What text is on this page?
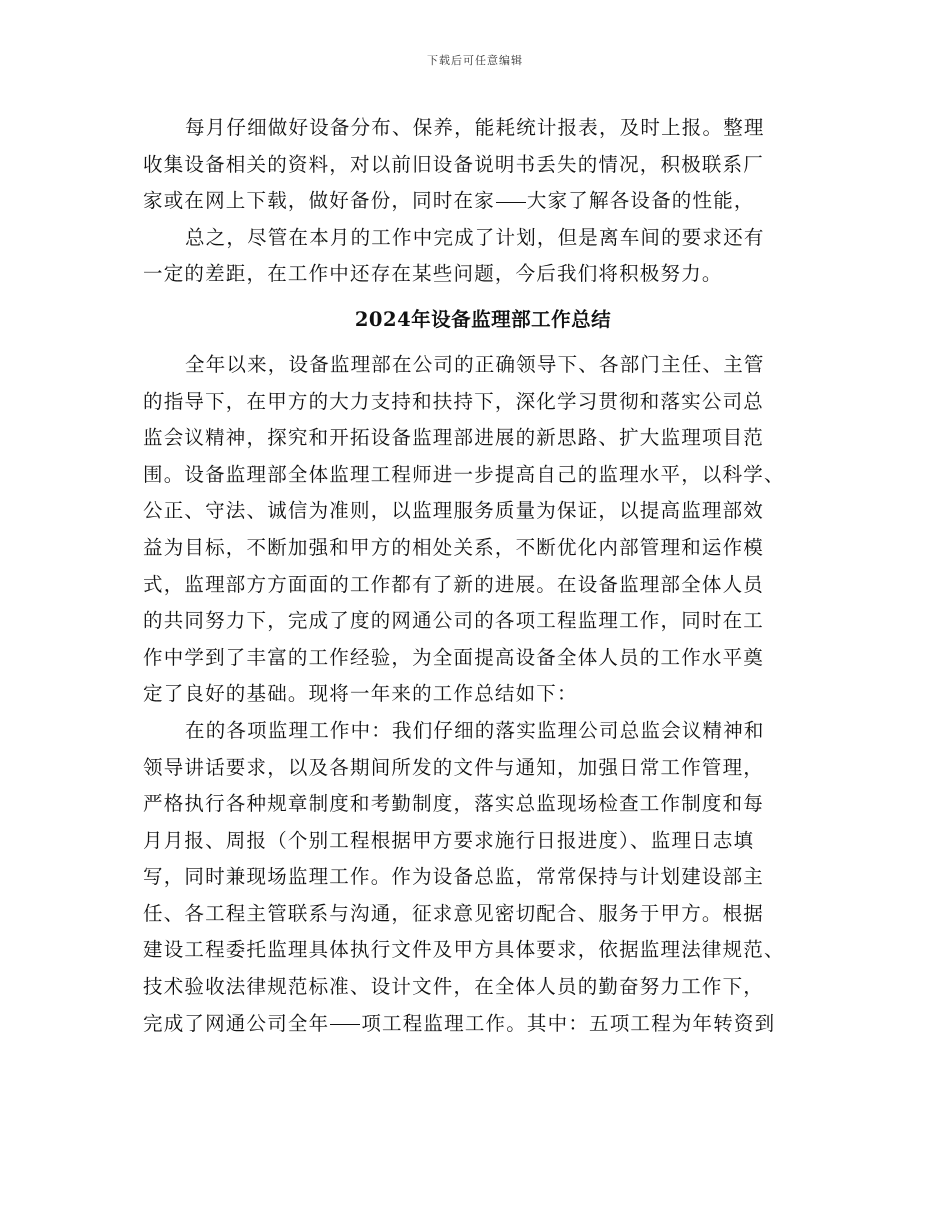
下载后可任意编辑
每月仔细做好设备分布、保养，能耗统计报表，及时上报。整理
收集设备相关的资料，对以前旧设备说明书丢失的情况，积极联系厂
家或在网上下载，做好备份，同时在家 大家了解各设备的性能，
总之，尽管在本月的工作中完成了计划，但是离车间的要求还有
一定的差距，在工作中还存在某些问题，今后我们将积极努力。
2024年设备监理部工作总结
全年以来，设备监理部在公司的正确领导下、各部门主任、主管
的指导下，在甲方的大力支持和扶持下，深化学习贯彻和落实公司总
监会议精神，探究和开拓设备监理部进展的新思路、扩大监理项目范
围。设备监理部全体监理工程师进一步提高自己的监理水平，以科学、
公正、守法、诚信为准则，以监理服务质量为保证，以提高监理部效
益为目标，不断加强和甲方的相处关系，不断优化内部管理和运作模
式，监理部方方面面的工作都有了新的进展。在设备监理部全体人员
的共同努力下，完成了度的网通公司的各项工程监理工作，同时在工
作中学到了丰富的工作经验，为全面提高设备全体人员的工作水平奠
定了良好的基础。现将一年来的工作总结如下：
在的各项监理工作中：我们仔细的落实监理公司总监会议精神和
领导讲话要求，以及各期间所发的文件与通知，加强日常工作管理，
严格执行各种规章制度和考勤制度，落实总监现场检查工作制度和每
月月报、周报（个别工程根据甲方要求施行日报进度）、监理日志填
写，同时兼现场监理工作。作为设备总监，常常保持与计划建设部主
任、各工程主管联系与沟通，征求意见密切配合、服务于甲方。根据
建设工程委托监理具体执行文件及甲方具体要求，依据监理法律规范、
技术验收法律规范标准、设计文件，在全体人员的勤奋努力工作下，
完成了网通公司全年 项工程监理工作。其中：五项工程为年转资到
